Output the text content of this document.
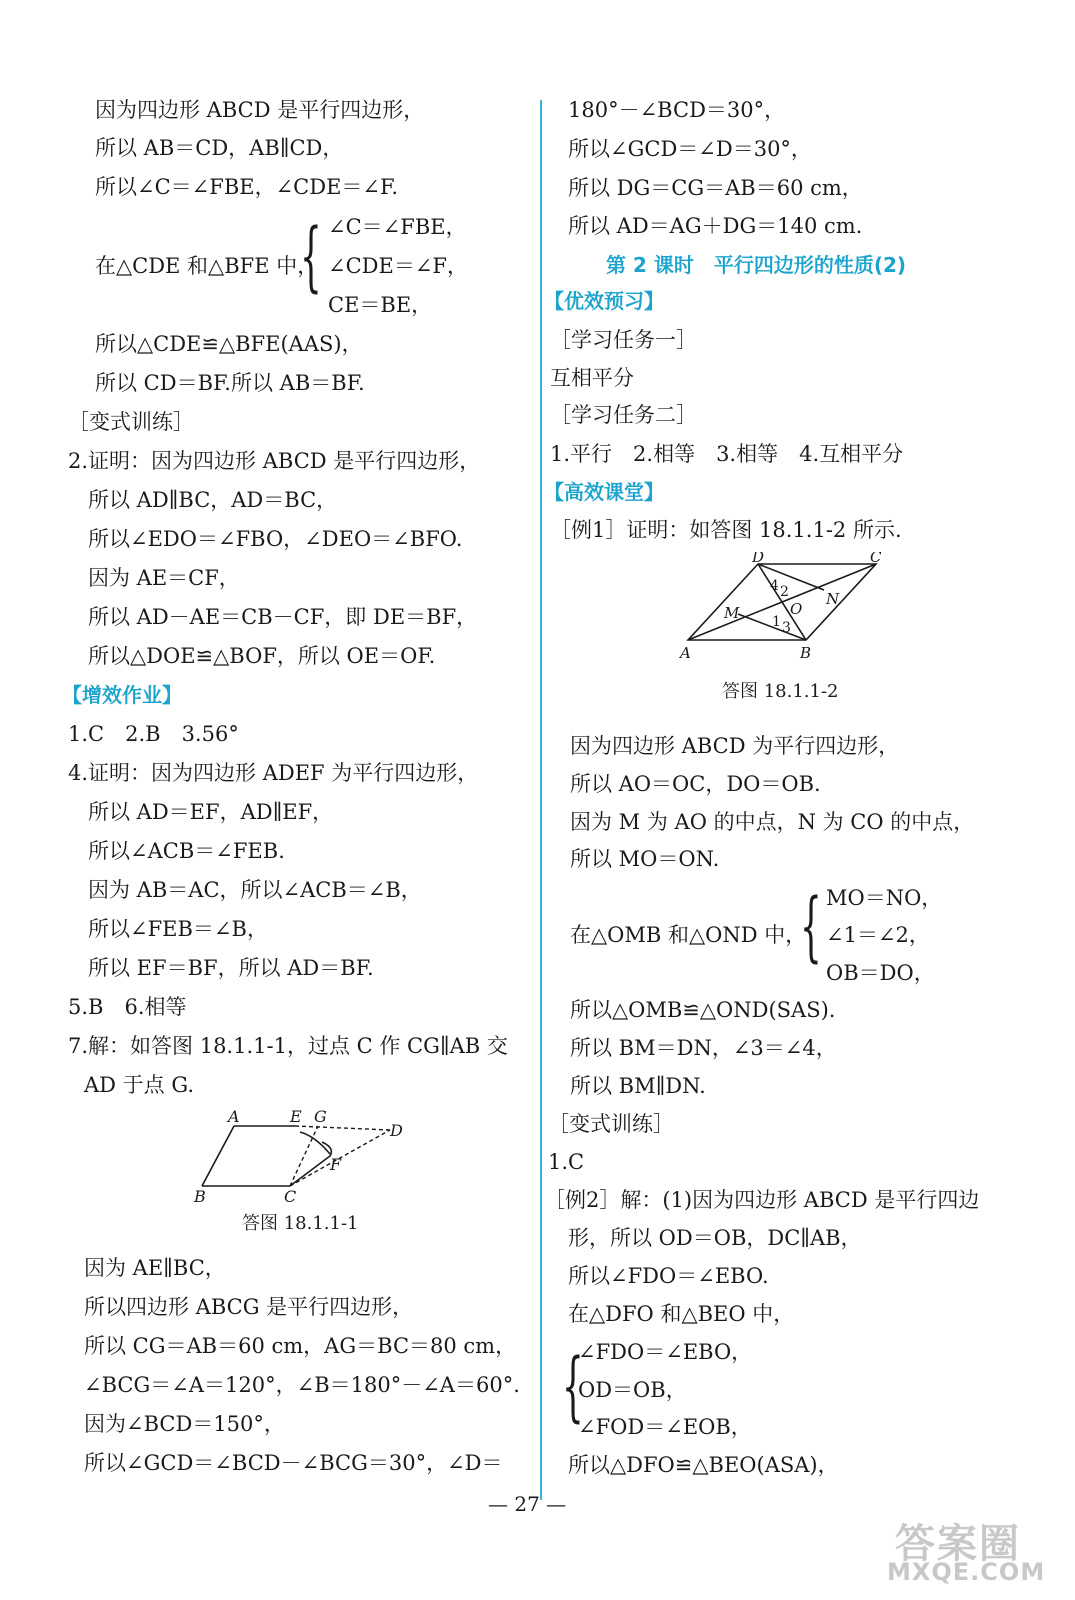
因为四边形 ABCD 是平行四边形，
所以 AB＝CD，AB∥CD，
所以∠C＝∠FBE，∠CDE＝∠F.
在△CDE 和△BFE 中，
{ ∠C＝∠FBE，
∠CDE＝∠F，
CE＝BE，
所以△CDE≌△BFE(AAS)，
所以 CD＝BF.所以 AB＝BF.
［变式训练］
2.证明：因为四边形 ABCD 是平行四边形，
所以 AD∥BC，AD＝BC，
所以∠EDO＝∠FBO，∠DEO＝∠BFO.
因为 AE＝CF，
所以 AD－AE＝CB－CF，即 DE＝BF，
所以△DOE≌△BOF，所以 OE＝OF.
【增效作业】
1.C　2.B　3.56°
4.证明：因为四边形 ADEF 为平行四边形，
所以 AD＝EF，AD∥EF，
所以∠ACB＝∠FEB.
因为 AB＝AC，所以∠ACB＝∠B，
所以∠FEB＝∠B，
所以 EF＝BF，所以 AD＝BF.
5.B　6.相等
7.解：如答图 18.1.1-1，过点 C 作 CG∥AB 交
AD 于点 G.
A	E G
D
F
B	C
答图 18.1.1-1
因为 AE∥BC，
所以四边形 ABCG 是平行四边形，
所以 CG＝AB＝60 cm，AG＝BC＝80 cm，
∠BCG＝∠A＝120°，∠B＝180°－∠A＝60°.
因为∠BCD＝150°，
所以∠GCD＝∠BCD－∠BCG＝30°，∠D＝
180°－∠BCD＝30°，
所以∠GCD＝∠D＝30°，
所以 DG＝CG＝AB＝60 cm，
所以 AD＝AG＋DG＝140 cm.
第 2 课时　平行四边形的性质(2)
【优效预习】
［学习任务一］
互相平分
［学习任务二］
1.平行　2.相等　3.相等　4.互相平分
【高效课堂】
［例1］证明：如答图 18.1.1-2 所示.
D	C
A	B
M
N
O
4 2
1 3
答图 18.1.1-2
因为四边形 ABCD 为平行四边形，
所以 AO＝OC，DO＝OB.
因为 M 为 AO 的中点，N 为 CO 的中点，
所以 MO＝ON.
在△OMB 和△OND 中，
{ MO＝NO，
∠1＝∠2，
OB＝DO，
所以△OMB≌△OND(SAS).
所以 BM＝DN，∠3＝∠4，
所以 BM∥DN.
［变式训练］
1.C
［例2］解：(1)因为四边形 ABCD 是平行四边
形，所以 OD＝OB，DC∥AB，
所以∠FDO＝∠EBO.
在△DFO 和△BEO 中，
{
∠FDO＝∠EBO，
OD＝OB，
∠FOD＝∠EOB，
所以△DFO≌△BEO(ASA)，
— 27 —
答案圈
MXQE.COM
